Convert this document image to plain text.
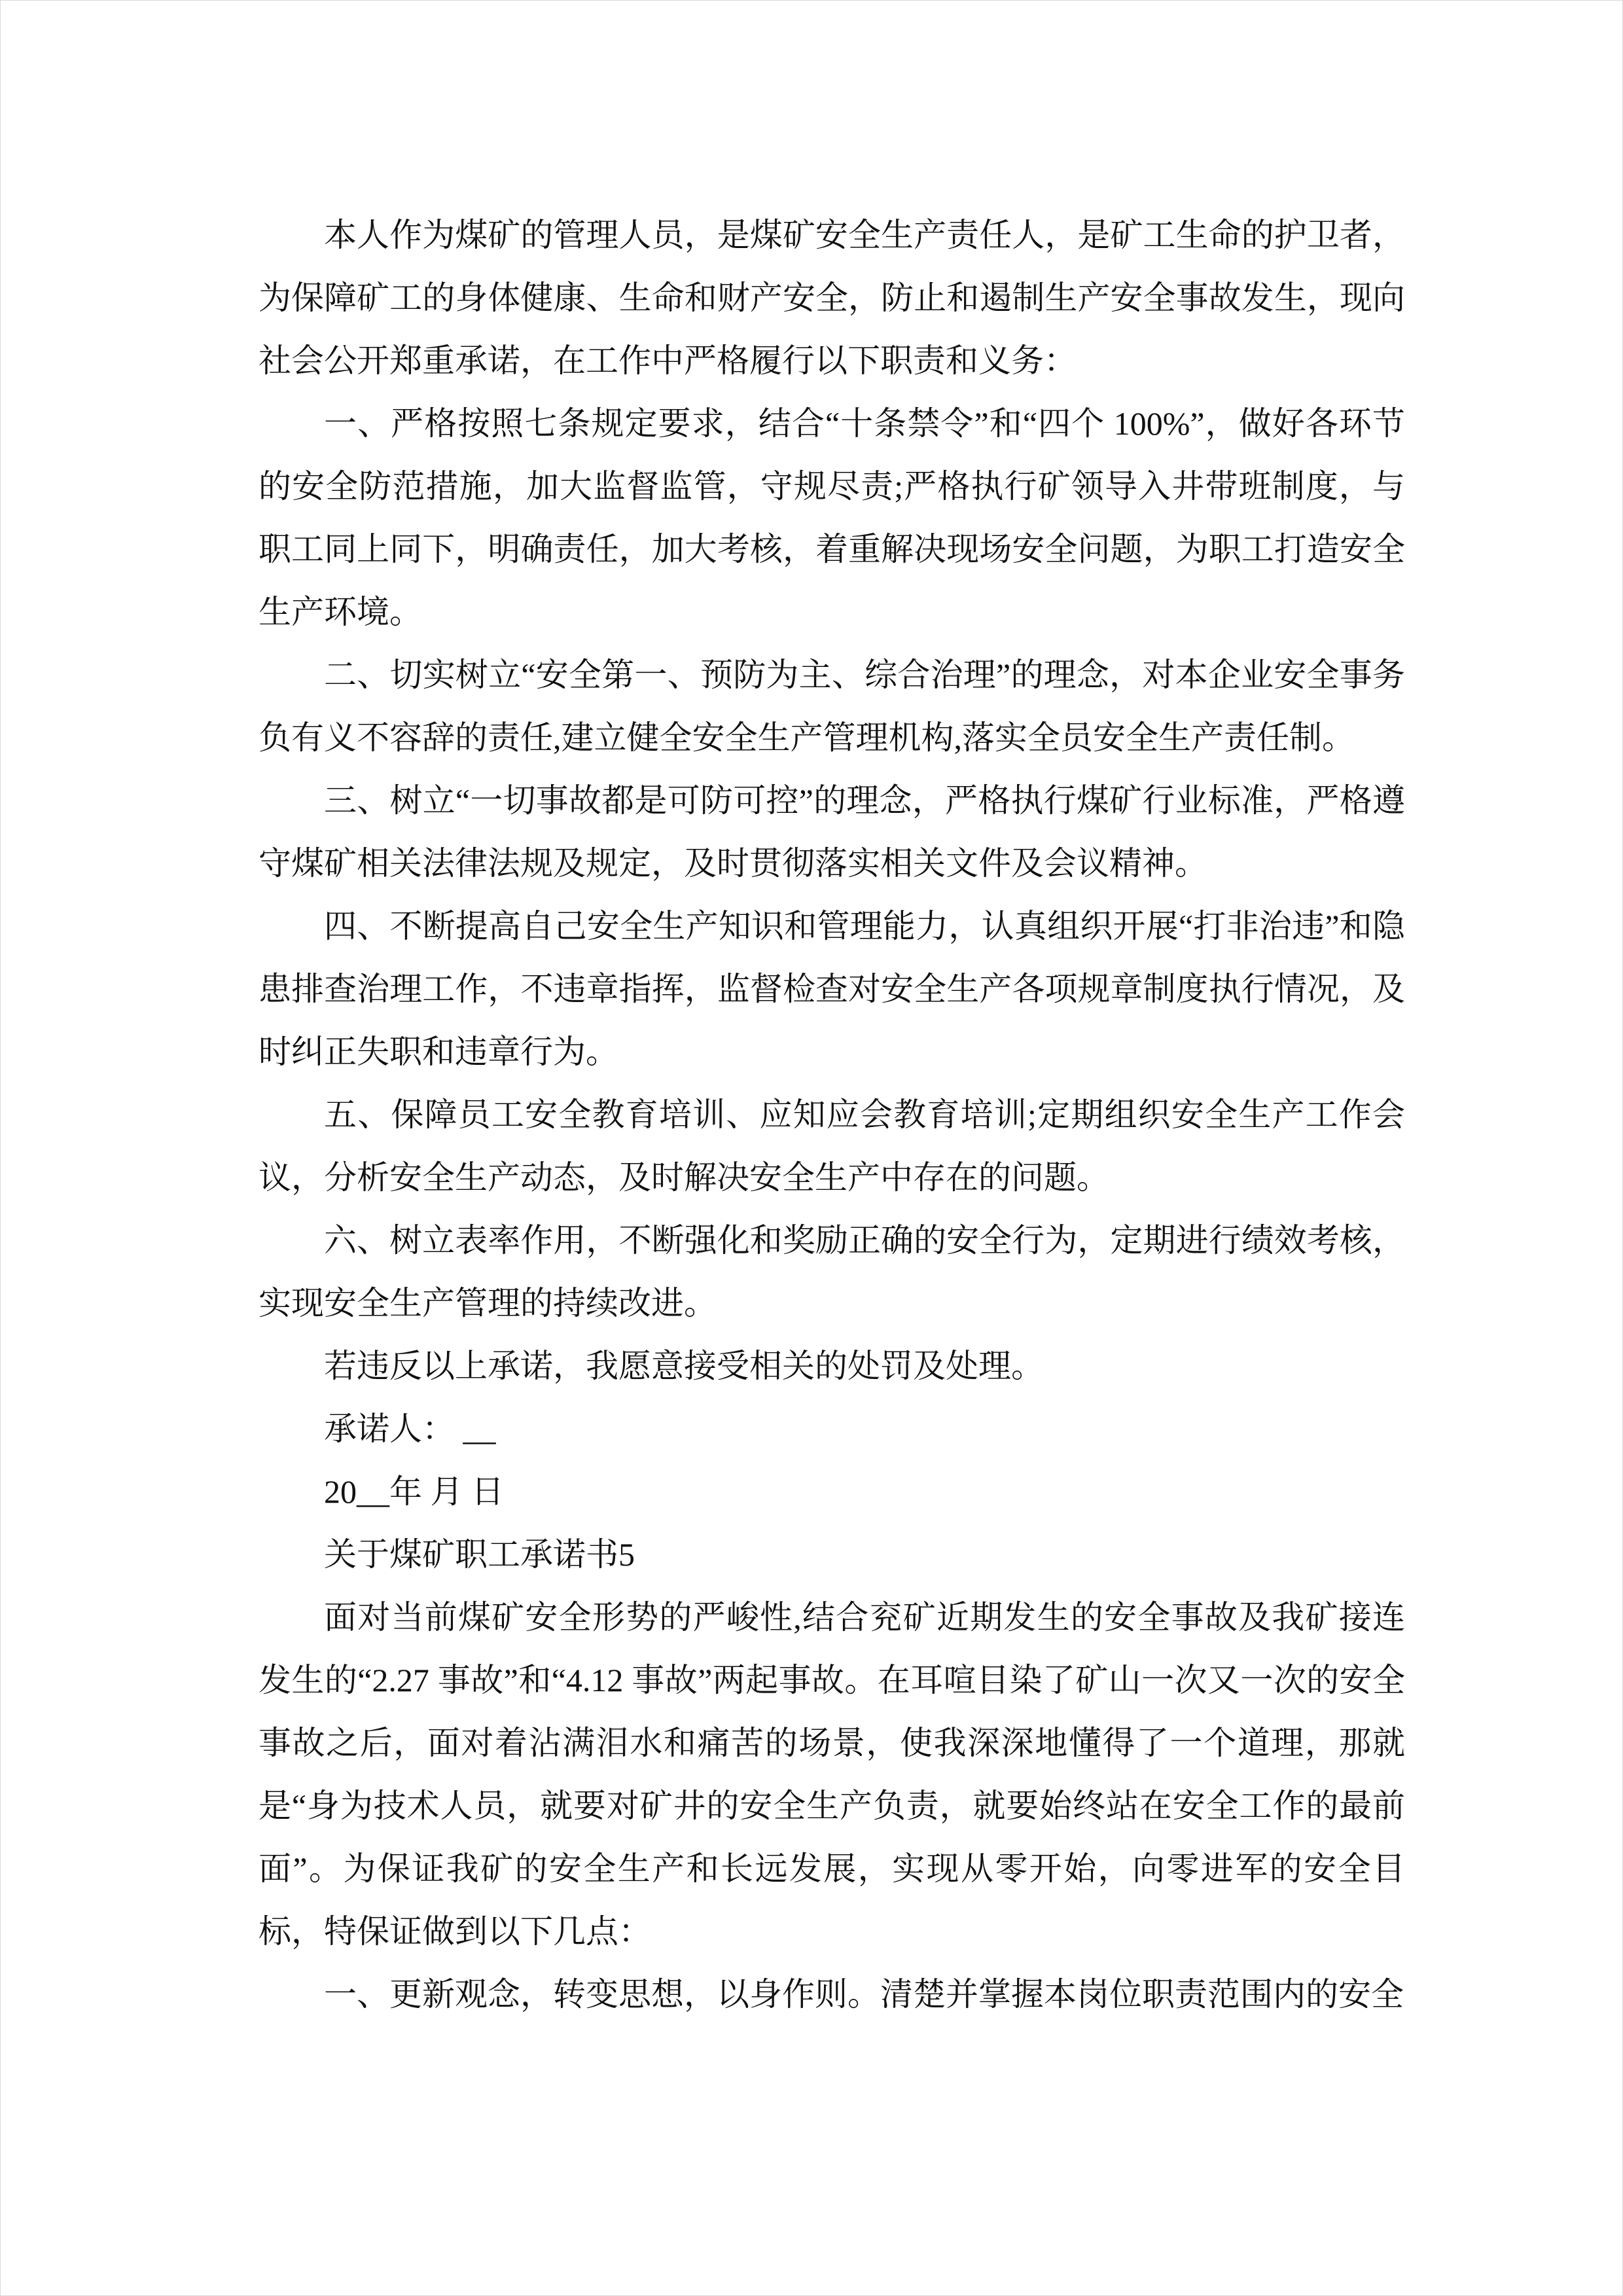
本人作为煤矿的管理人员，是煤矿安全生产责任人，是矿工生命的护卫者，为保障矿工的身体健康、生命和财产安全，防止和遏制生产安全事故发生，现向社会公开郑重承诺，在工作中严格履行以下职责和义务：

一、严格按照七条规定要求，结合“十条禁令”和“四个 100%”，做好各环节的安全防范措施，加大监督监管，守规尽责;严格执行矿领导入井带班制度，与职工同上同下，明确责任，加大考核，着重解决现场安全问题，为职工打造安全生产环境。

二、切实树立“安全第一、预防为主、综合治理”的理念，对本企业安全事务负有义不容辞的责任,建立健全安全生产管理机构,落实全员安全生产责任制。

三、树立“一切事故都是可防可控”的理念，严格执行煤矿行业标准，严格遵守煤矿相关法律法规及规定，及时贯彻落实相关文件及会议精神。

四、不断提高自己安全生产知识和管理能力，认真组织开展“打非治违”和隐患排查治理工作，不违章指挥，监督检查对安全生产各项规章制度执行情况，及时纠正失职和违章行为。

五、保障员工安全教育培训、应知应会教育培训;定期组织安全生产工作会议，分析安全生产动态，及时解决安全生产中存在的问题。

六、树立表率作用，不断强化和奖励正确的安全行为，定期进行绩效考核，实现安全生产管理的持续改进。

若违反以上承诺，我愿意接受相关的处罚及处理。

承诺人： __

20__年 月 日

关于煤矿职工承诺书5

面对当前煤矿安全形势的严峻性,结合兖矿近期发生的安全事故及我矿接连发生的“2.27 事故”和“4.12 事故”两起事故。在耳喧目染了矿山一次又一次的安全事故之后，面对着沾满泪水和痛苦的场景，使我深深地懂得了一个道理，那就是“身为技术人员，就要对矿井的安全生产负责，就要始终站在安全工作的最前面”。为保证我矿的安全生产和长远发展，实现从零开始，向零进军的安全目标，特保证做到以下几点：

一、更新观念，转变思想，以身作则。清楚并掌握本岗位职责范围内的安全
